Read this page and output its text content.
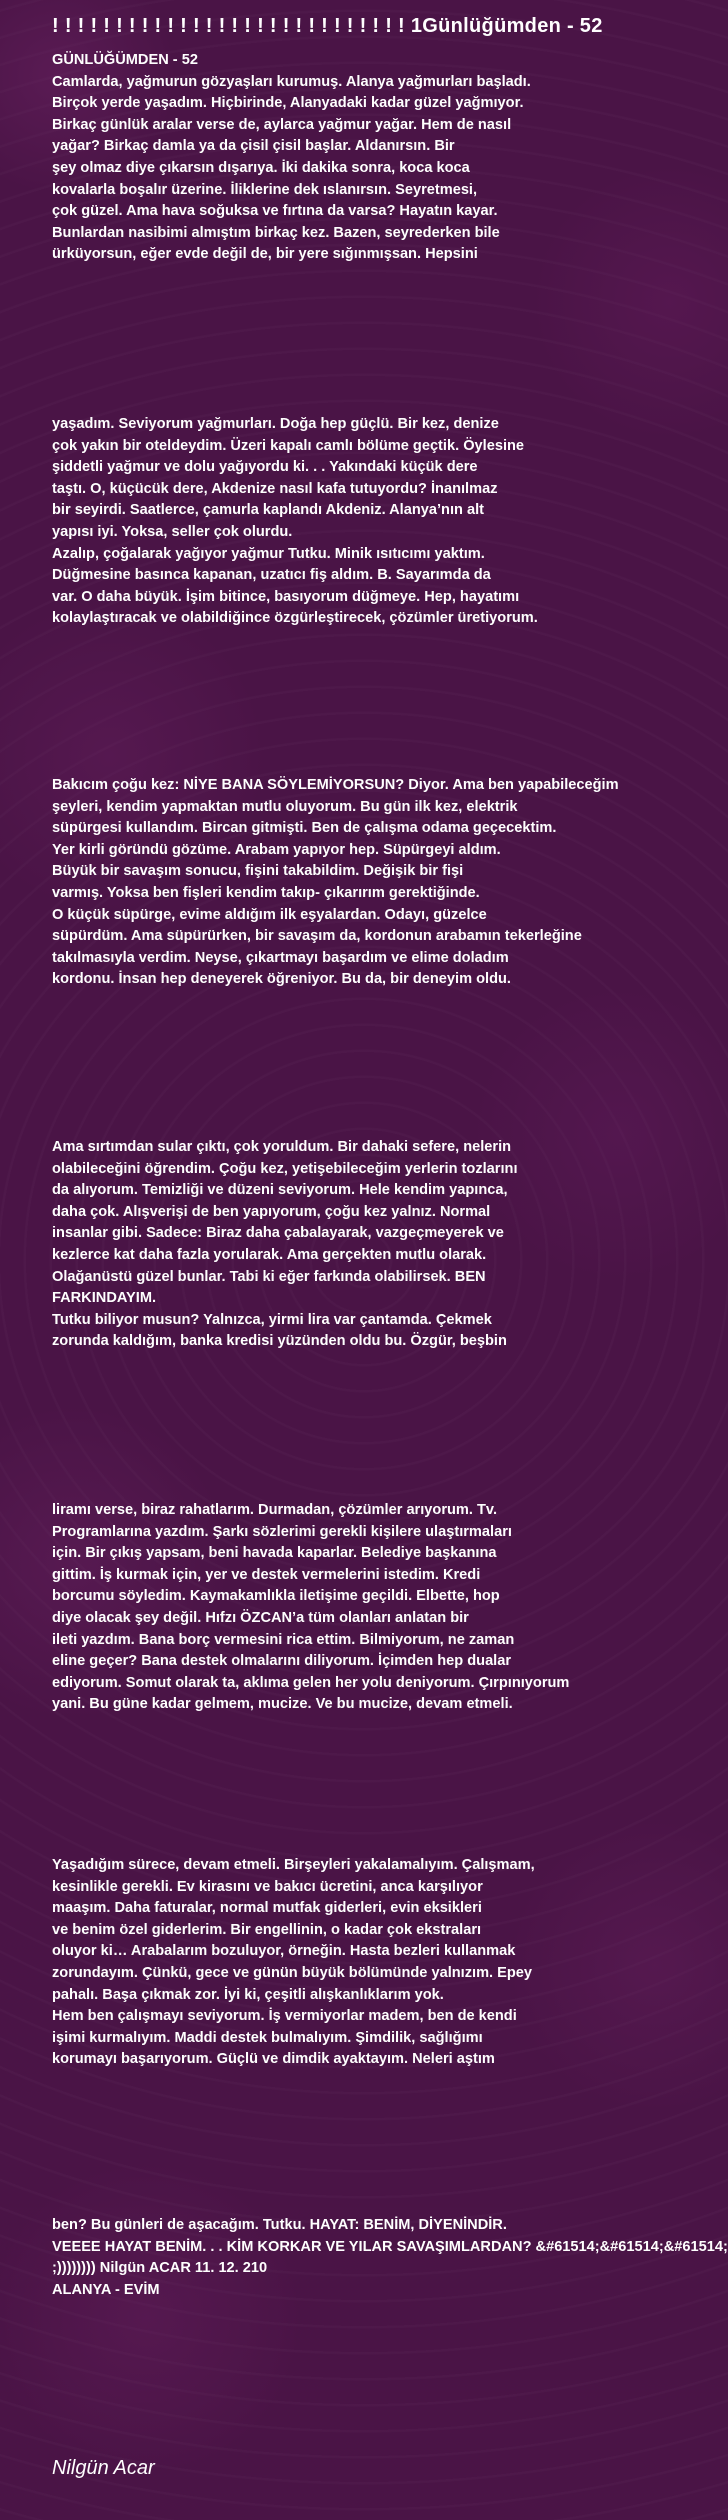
! ! ! ! ! ! ! ! ! ! ! ! ! ! ! ! ! ! ! ! ! ! ! ! ! ! ! ! 1Günlüğümden - 52
GÜNLÜĞÜMDEN - 52
Camlarda, yağmurun gözyaşları kurumuş. Alanya yağmurları başladı.
Birçok yerde yaşadım. Hiçbirinde, Alanyadaki kadar güzel yağmıyor.
Birkaç günlük aralar verse de, aylarca yağmur yağar. Hem de nasıl
yağar? Birkaç damla ya da çisil çisil başlar. Aldanırsın. Bir
şey olmaz diye çıkarsın dışarıya. İki dakika sonra, koca koca
kovalarla boşalır üzerine. İliklerine dek ıslanırsın. Seyretmesi,
çok güzel. Ama hava soğuksa ve fırtına da varsa? Hayatın kayar.
Bunlardan nasibimi almıştım birkaç kez. Bazen, seyrederken bile
ürküyorsun, eğer evde değil de, bir yere sığınmışsan. Hepsini
yaşadım. Seviyorum yağmurları. Doğa hep güçlü. Bir kez, denize
çok yakın bir oteldeydim. Üzeri kapalı camlı bölüme geçtik. Öylesine
şiddetli yağmur ve dolu yağıyordu ki. . . Yakındaki küçük dere
taştı. O, küçücük dere, Akdenize nasıl kafa tutuyordu? İnanılmaz
bir seyirdi. Saatlerce, çamurla kaplandı Akdeniz. Alanya’nın alt
yapısı iyi. Yoksa, seller çok olurdu.
Azalıp, çoğalarak yağıyor yağmur Tutku. Minik ısıtıcımı yaktım.
Düğmesine basınca kapanan, uzatıcı fiş aldım. B. Sayarımda da
var. O daha büyük. İşim bitince, basıyorum düğmeye. Hep, hayatımı
kolaylaştıracak ve olabildiğince özgürleştirecek, çözümler üretiyorum.
Bakıcım çoğu kez: NİYE BANA SÖYLEMİYORSUN? Diyor. Ama ben yapabileceğim
şeyleri, kendim yapmaktan mutlu oluyorum. Bu gün ilk kez, elektrik
süpürgesi kullandım. Bircan gitmişti. Ben de çalışma odama geçecektim.
Yer kirli göründü gözüme. Arabam yapıyor hep. Süpürgeyi aldım.
Büyük bir savaşım sonucu, fişini takabildim. Değişik bir fişi
varmış. Yoksa ben fişleri kendim takıp- çıkarırım gerektiğinde.
O küçük süpürge, evime aldığım ilk eşyalardan. Odayı, güzelce
süpürdüm. Ama süpürürken, bir savaşım da, kordonun arabamın tekerleğine
takılmasıyla verdim. Neyse, çıkartmayı başardım ve elime doladım
kordonu. İnsan hep deneyerek öğreniyor. Bu da, bir deneyim oldu.
Ama sırtımdan sular çıktı, çok yoruldum. Bir dahaki sefere, nelerin
olabileceğini öğrendim. Çoğu kez, yetişebileceğim yerlerin tozlarını
da alıyorum. Temizliği ve düzeni seviyorum. Hele kendim yapınca,
daha çok. Alışverişi de ben yapıyorum, çoğu kez yalnız. Normal
insanlar gibi. Sadece: Biraz daha çabalayarak, vazgeçmeyerek ve
kezlerce kat daha fazla yorularak. Ama gerçekten mutlu olarak.
Olağanüstü güzel bunlar. Tabi ki eğer farkında olabilirsek. BEN
FARKINDAYIM.
Tutku biliyor musun? Yalnızca, yirmi lira var çantamda. Çekmek
zorunda kaldığım, banka kredisi yüzünden oldu bu. Özgür, beşbin
liramı verse, biraz rahatlarım. Durmadan, çözümler arıyorum. Tv.
Programlarına yazdım. Şarkı sözlerimi gerekli kişilere ulaştırmaları
için. Bir çıkış yapsam, beni havada kaparlar. Belediye başkanına
gittim. İş kurmak için, yer ve destek vermelerini istedim. Kredi
borcumu söyledim. Kaymakamlıkla iletişime geçildi. Elbette, hop
diye olacak şey değil. Hıfzı ÖZCAN’a tüm olanları anlatan bir
ileti yazdım. Bana borç vermesini rica ettim. Bilmiyorum, ne zaman
eline geçer? Bana destek olmalarını diliyorum. İçimden hep dualar
ediyorum. Somut olarak ta, aklıma gelen her yolu deniyorum. Çırpınıyorum
yani. Bu güne kadar gelmem, mucize. Ve bu mucize, devam etmeli.
Yaşadığım sürece, devam etmeli. Birşeyleri yakalamalıyım. Çalışmam,
kesinlikle gerekli. Ev kirasını ve bakıcı ücretini, anca karşılıyor
maaşım. Daha faturalar, normal mutfak giderleri, evin eksikleri
ve benim özel giderlerim. Bir engellinin, o kadar çok ekstraları
oluyor ki… Arabalarım bozuluyor, örneğin. Hasta bezleri kullanmak
zorundayım. Çünkü, gece ve günün büyük bölümünde yalnızım. Epey
pahalı. Başa çıkmak zor. İyi ki, çeşitli alışkanlıklarım yok.
Hem ben çalışmayı seviyorum. İş vermiyorlar madem, ben de kendi
işimi kurmalıyım. Maddi destek bulmalıyım. Şimdilik, sağlığımı
korumayı başarıyorum. Güçlü ve dimdik ayaktayım. Neleri aştım
ben? Bu günleri de aşacağım. Tutku. HAYAT: BENİM, DİYENİNDİR.
VEEEE HAYAT BENİM. . . KİM KORKAR VE YILAR SAVAŞIMLARDAN? &#61514;&#61514;&#61514;
;)))))))) Nilgün ACAR 11. 12. 210
ALANYA - EVİM
Nilgün Acar
